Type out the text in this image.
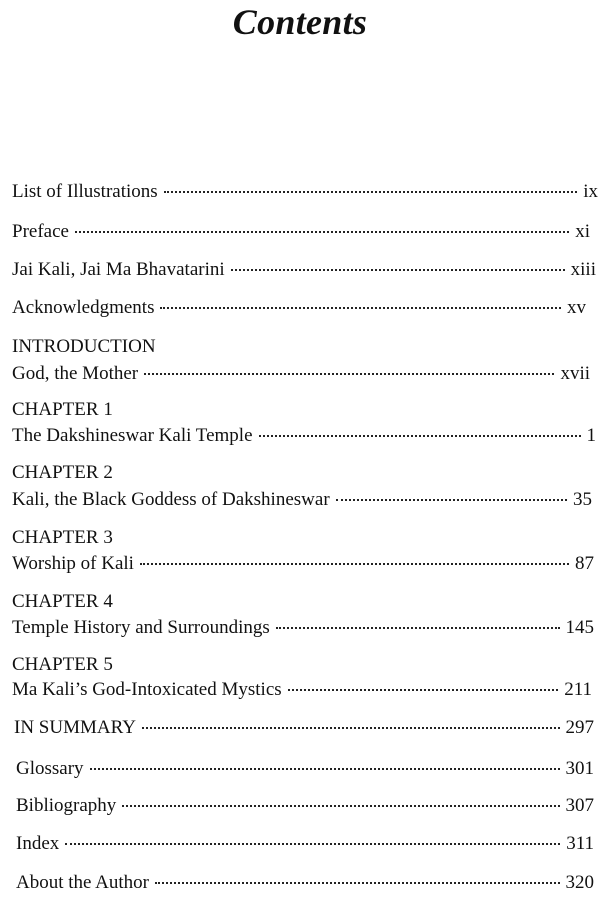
Contents
List of Illustrations	ix
Preface	xi
Jai Kali, Jai Ma Bhavatarini	xiii
Acknowledgments	xv
INTRODUCTION
God, the Mother	xvii
CHAPTER 1
The Dakshineswar Kali Temple	1
CHAPTER 2
Kali, the Black Goddess of Dakshineswar	35
CHAPTER 3
Worship of Kali	87
CHAPTER 4
Temple History and Surroundings	145
CHAPTER 5
Ma Kali’s God-Intoxicated Mystics	211
IN SUMMARY	297
Glossary	301
Bibliography	307
Index	311
About the Author	320
